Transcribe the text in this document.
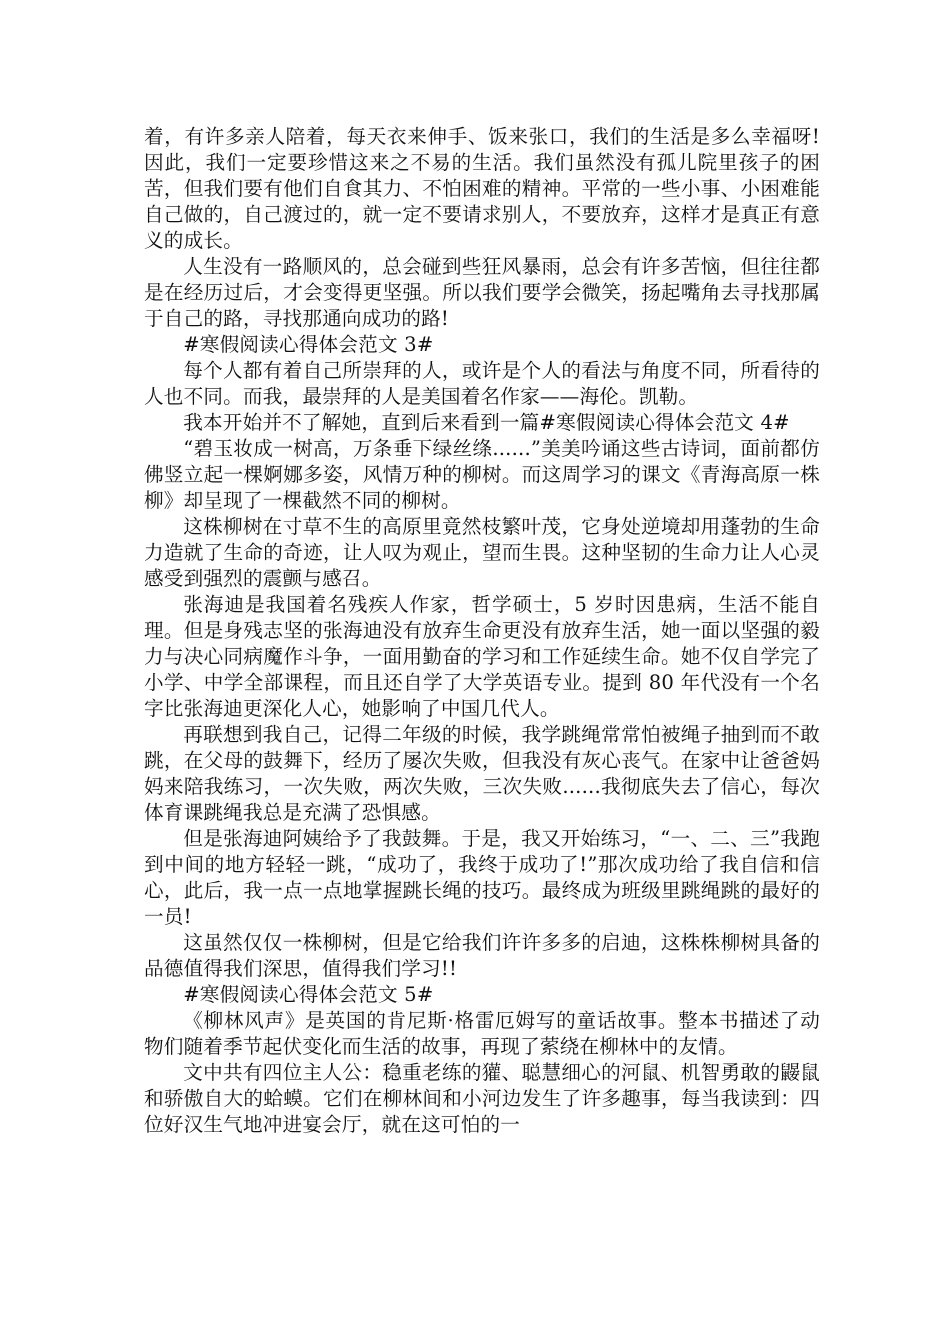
着，有许多亲人陪着，每天衣来伸手、饭来张口，我们的生活是多么幸福呀!因此，我们一定要珍惜这来之不易的生活。我们虽然没有孤儿院里孩子的困苦，但我们要有他们自食其力、不怕困难的精神。平常的一些小事、小困难能自己做的，自己渡过的，就一定不要请求别人，不要放弃，这样才是真正有意义的成长。

人生没有一路顺风的，总会碰到些狂风暴雨，总会有许多苦恼，但往往都是在经历过后，才会变得更坚强。所以我们要学会微笑，扬起嘴角去寻找那属于自己的路，寻找那通向成功的路!

#寒假阅读心得体会范文 3#

每个人都有着自己所崇拜的人，或许是个人的看法与角度不同，所看待的人也不同。而我，最崇拜的人是美国着名作家——海伦。凯勒。

我本开始并不了解她，直到后来看到一篇#寒假阅读心得体会范文 4#

“碧玉妆成一树高，万条垂下绿丝绦......”美美吟诵这些古诗词，面前都仿佛竖立起一棵婀娜多姿，风情万种的柳树。而这周学习的课文《青海高原一株柳》却呈现了一棵截然不同的柳树。

这株柳树在寸草不生的高原里竟然枝繁叶茂，它身处逆境却用蓬勃的生命力造就了生命的奇迹，让人叹为观止，望而生畏。这种坚韧的生命力让人心灵感受到强烈的震颤与感召。

张海迪是我国着名残疾人作家，哲学硕士，5 岁时因患病，生活不能自理。但是身残志坚的张海迪没有放弃生命更没有放弃生活，她一面以坚强的毅力与决心同病魔作斗争，一面用勤奋的学习和工作延续生命。她不仅自学完了小学、中学全部课程，而且还自学了大学英语专业。提到 80 年代没有一个名字比张海迪更深化人心，她影响了中国几代人。

再联想到我自己，记得二年级的时候，我学跳绳常常怕被绳子抽到而不敢跳，在父母的鼓舞下，经历了屡次失败，但我没有灰心丧气。在家中让爸爸妈妈来陪我练习，一次失败，两次失败，三次失败......我彻底失去了信心，每次体育课跳绳我总是充满了恐惧感。

但是张海迪阿姨给予了我鼓舞。于是，我又开始练习，“一、二、三”我跑到中间的地方轻轻一跳，“成功了，我终于成功了!”那次成功给了我自信和信心，此后，我一点一点地掌握跳长绳的技巧。最终成为班级里跳绳跳的最好的一员!

这虽然仅仅一株柳树，但是它给我们许许多多的启迪，这株株柳树具备的品德值得我们深思，值得我们学习!!

#寒假阅读心得体会范文 5#

《柳林风声》是英国的肯尼斯·格雷厄姆写的童话故事。整本书描述了动物们随着季节起伏变化而生活的故事，再现了萦绕在柳林中的友情。

文中共有四位主人公：稳重老练的獾、聪慧细心的河鼠、机智勇敢的鼹鼠和骄傲自大的蛤蟆。它们在柳林间和小河边发生了许多趣事，每当我读到：四位好汉生气地冲进宴会厅，就在这可怕的一
